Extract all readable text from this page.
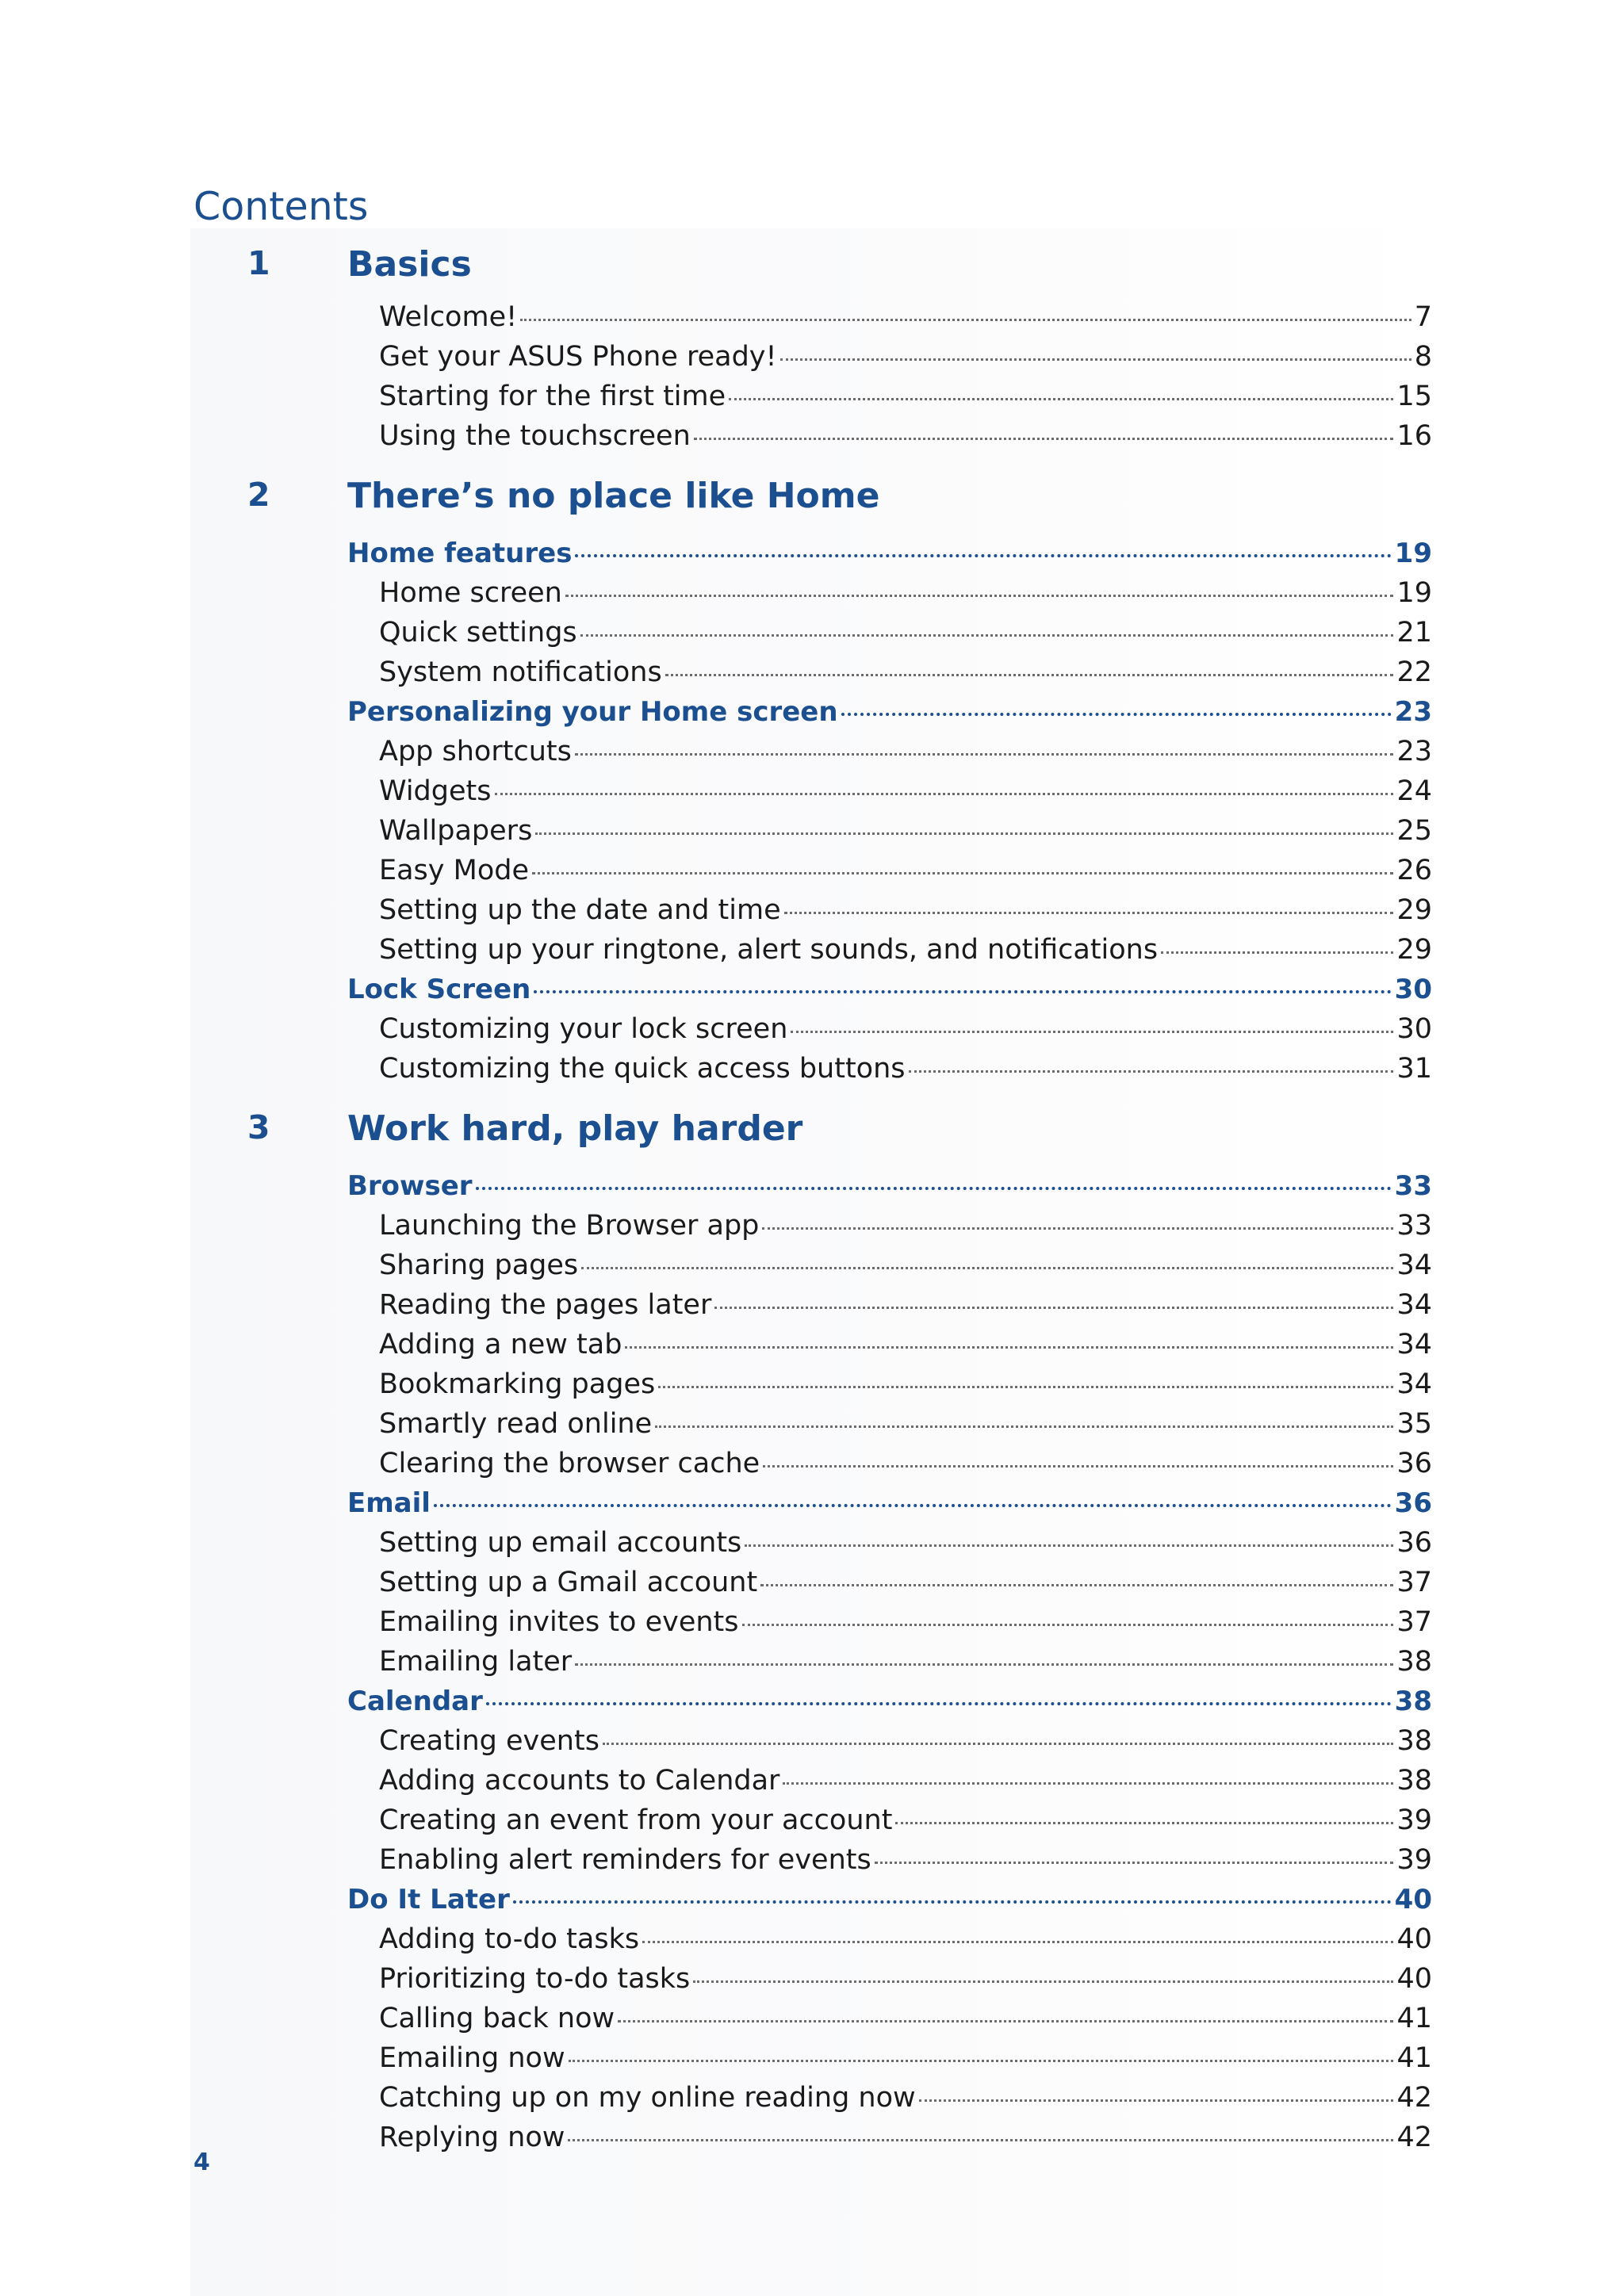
Contents
1 Basics
Welcome!	7
Get your ASUS Phone ready!	8
Starting for the first time	15
Using the touchscreen	16
2 There’s no place like Home
Home features	19
Home screen	19
Quick settings	21
System notifications	22
Personalizing your Home screen	23
App shortcuts	23
Widgets	24
Wallpapers	25
Easy Mode	26
Setting up the date and time	29
Setting up your ringtone, alert sounds, and notifications	29
Lock Screen	30
Customizing your lock screen	30
Customizing the quick access buttons	31
3 Work hard, play harder
Browser	33
Launching the Browser app	33
Sharing pages	34
Reading the pages later	34
Adding a new tab	34
Bookmarking pages	34
Smartly read online	35
Clearing the browser cache	36
Email	36
Setting up email accounts	36
Setting up a Gmail account	37
Emailing invites to events	37
Emailing later	38
Calendar	38
Creating events	38
Adding accounts to Calendar	38
Creating an event from your account	39
Enabling alert reminders for events	39
Do It Later	40
Adding to-do tasks	40
Prioritizing to-do tasks	40
Calling back now	41
Emailing now	41
Catching up on my online reading now	42
Replying now	42
4
